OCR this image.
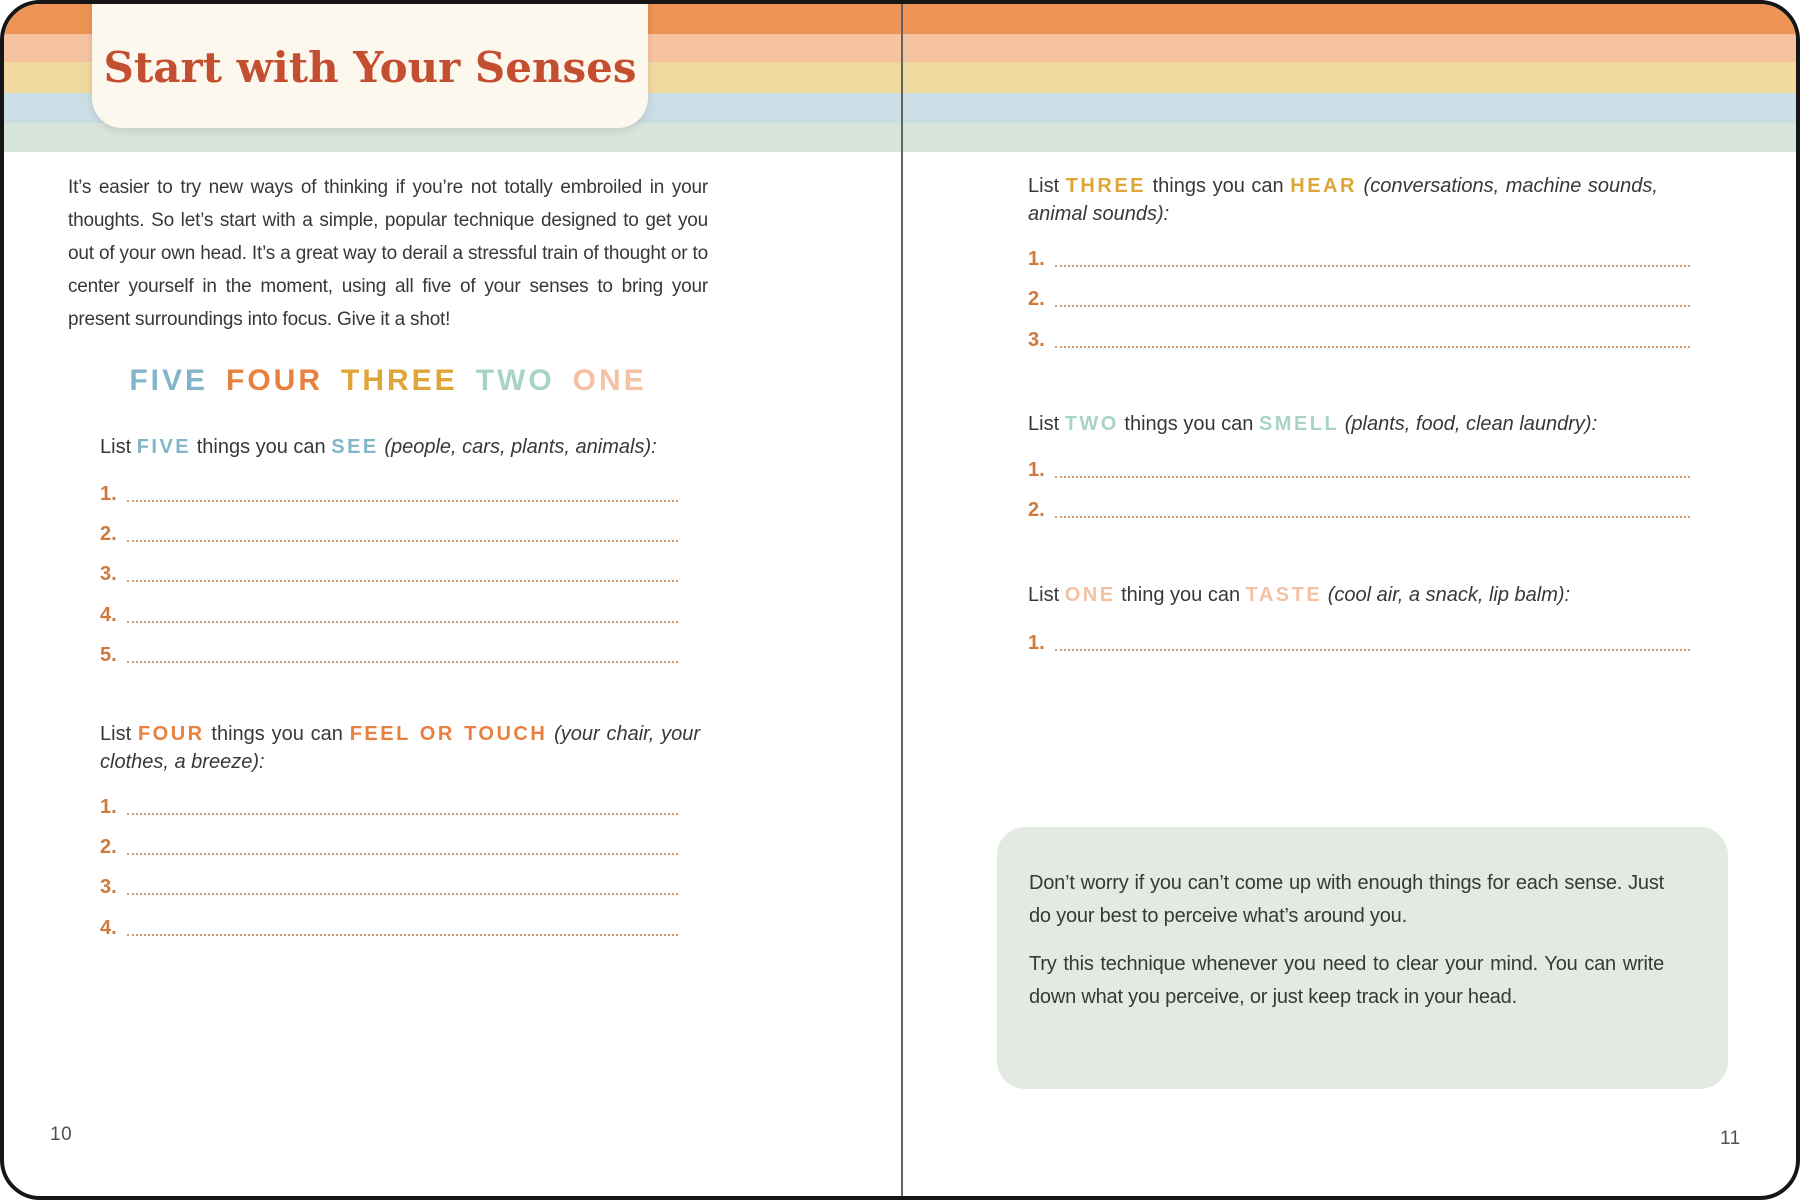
Start with Your Senses
It’s easier to try new ways of thinking if you’re not totally embroiled in your thoughts. So let’s start with a simple, popular technique designed to get you out of your own head. It’s a great way to derail a stressful train of thought or to center yourself in the moment, using all five of your senses to bring your present surroundings into focus. Give it a shot!
FIVE FOUR THREE TWO ONE
List FIVE things you can SEE (people, cars, plants, animals):
1.
2.
3.
4.
5.
List FOUR things you can FEEL OR TOUCH (your chair, your clothes, a breeze):
1.
2.
3.
4.
10
List THREE things you can HEAR (conversations, machine sounds, animal sounds):
1.
2.
3.
List TWO things you can SMELL (plants, food, clean laundry):
1.
2.
List ONE thing you can TASTE (cool air, a snack, lip balm):
1.

Don’t worry if you can’t come up with enough things for each sense. Just do your best to perceive what’s around you.

Try this technique whenever you need to clear your mind. You can write down what you perceive, or just keep track in your head.

11
